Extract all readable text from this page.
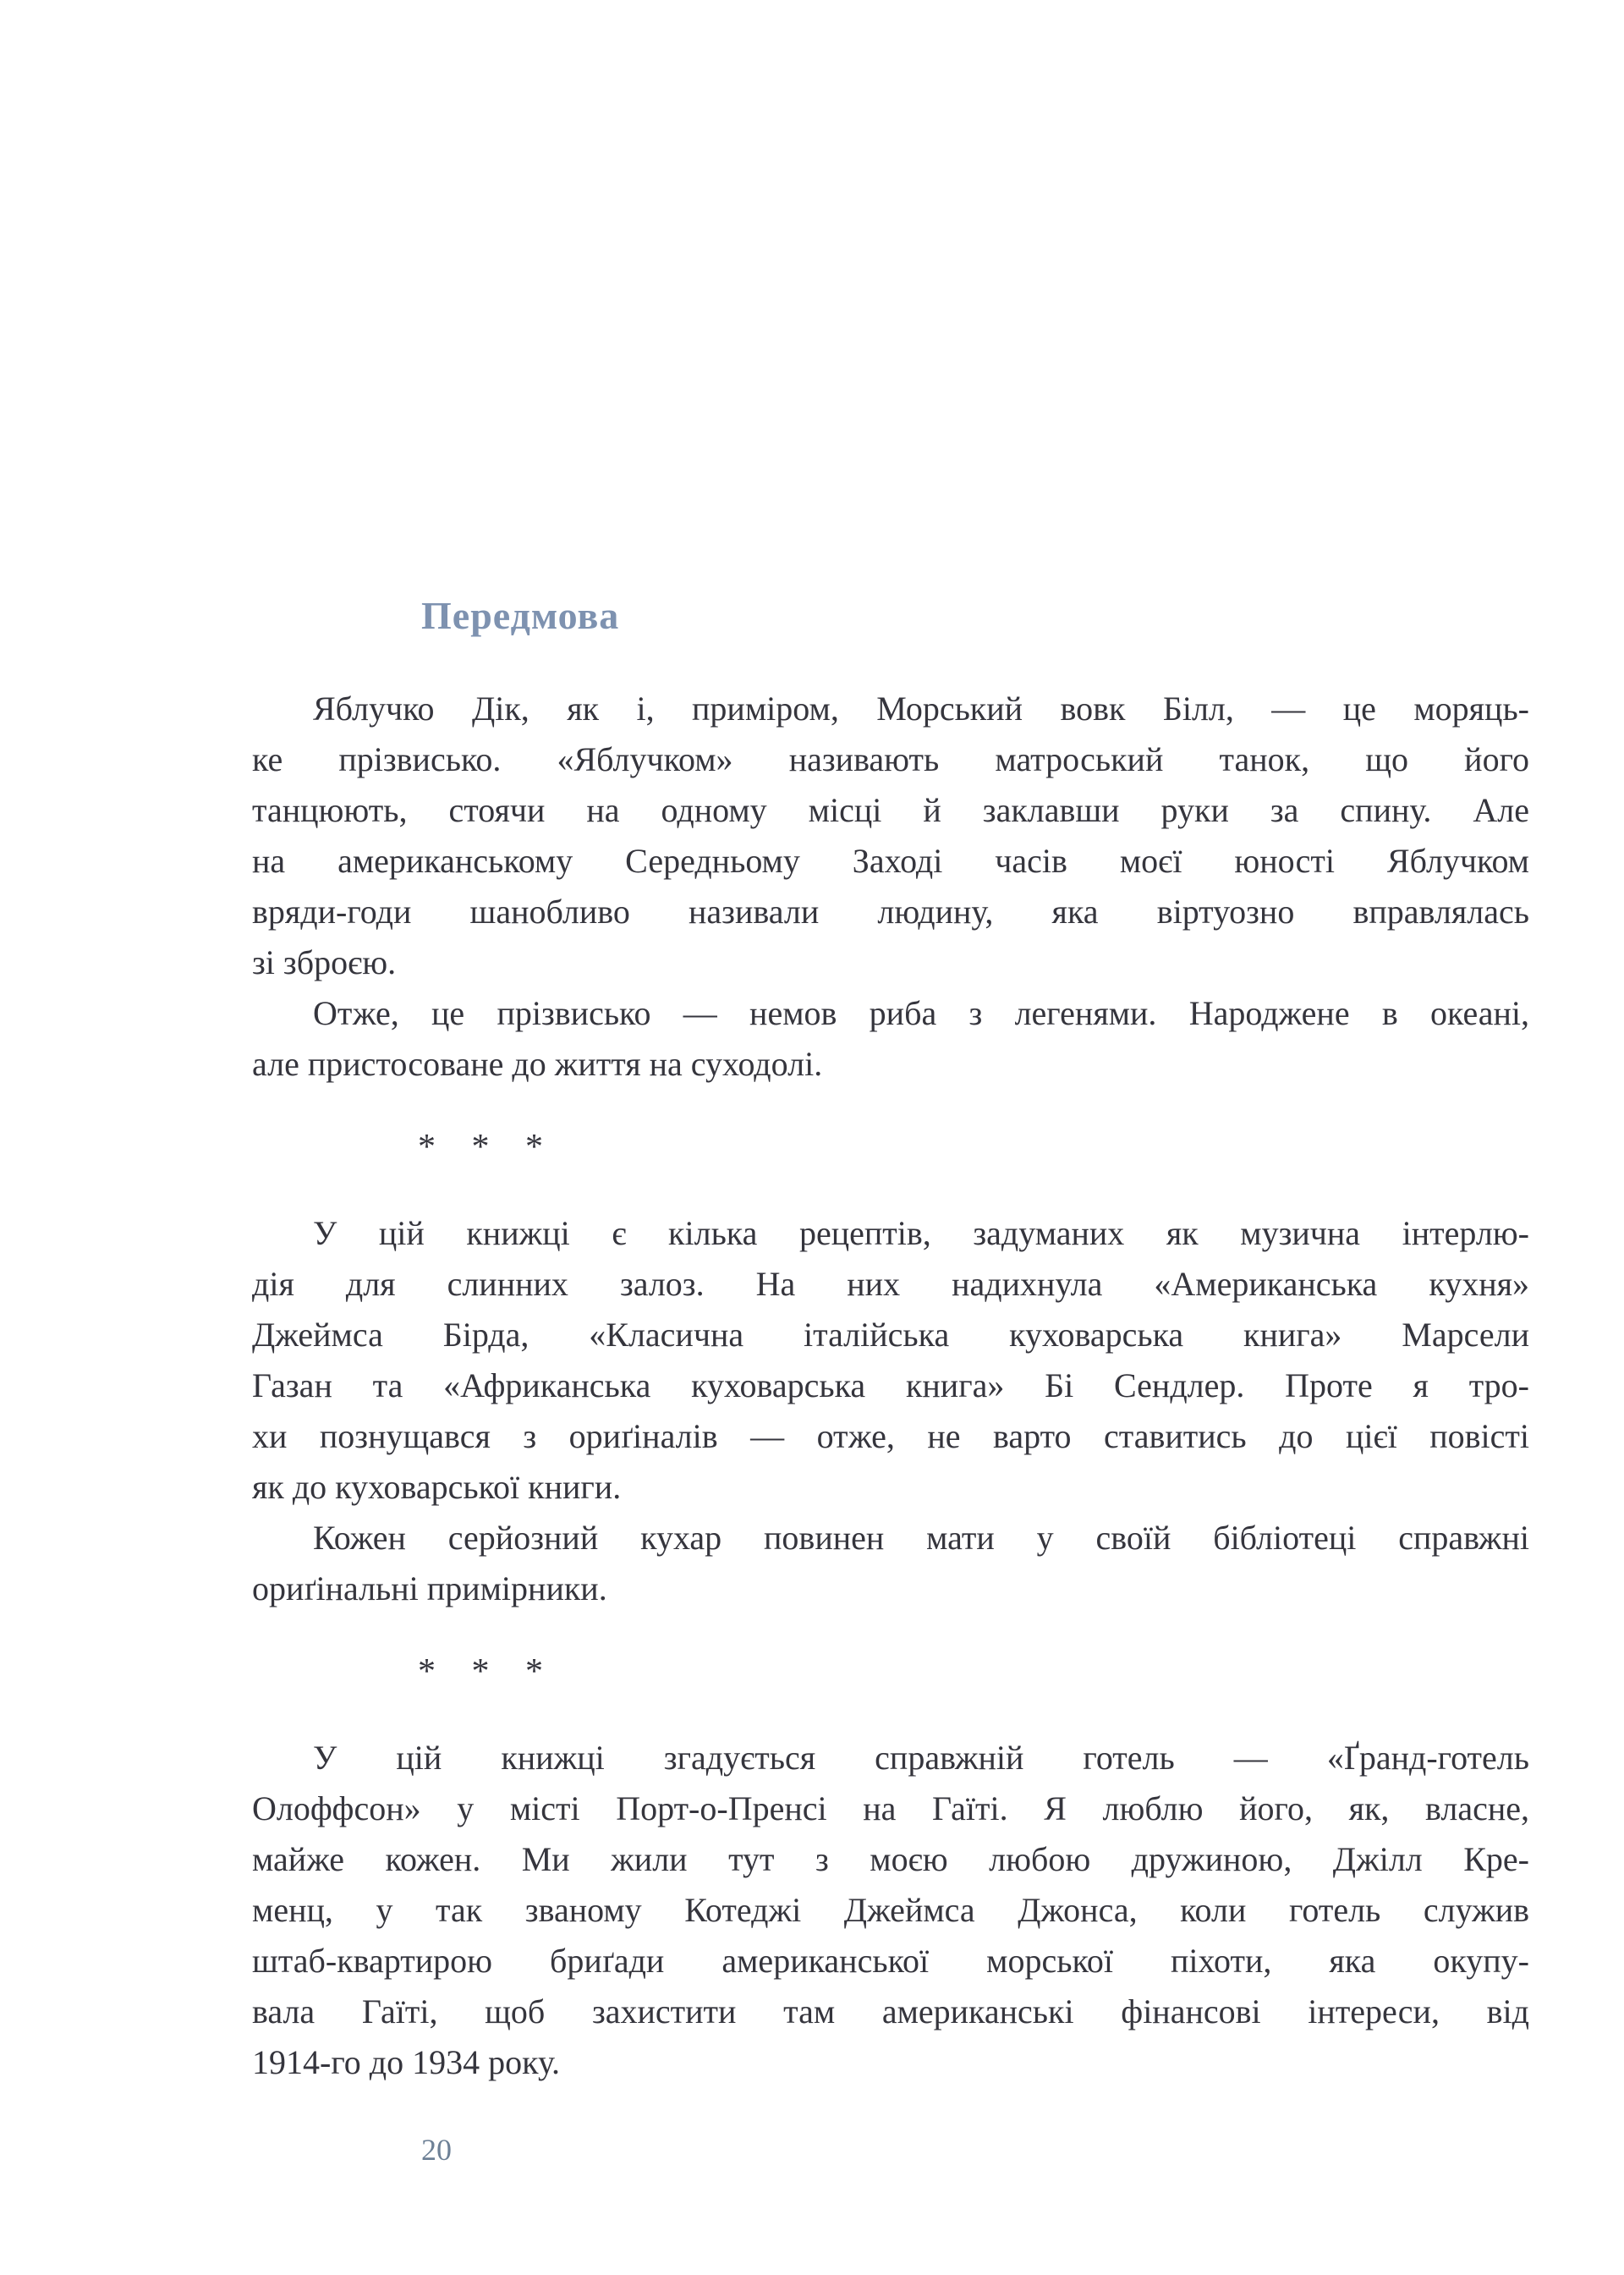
Передмова
Яблучко Дік, як і, приміром, Морський вовк Білл, — це моряць-
ке прізвисько. «Яблучком» називають матроський танок, що його
танцюють, стоячи на одному місці й заклавши руки за спину. Але
на американському Середньому Заході часів моєї юності Яблучком
вряди-годи шанобливо називали людину, яка віртуозно вправлялась
зі зброєю.
Отже, це прізвисько — немов риба з легенями. Народжене в океані,
але пристосоване до життя на суходолі.
* * *
У цій книжці є кілька рецептів, задуманих як музична інтерлю-
дія для слинних залоз. На них надихнула «Американська кухня»
Джеймса Бірда, «Класична італійська куховарська книга» Марсели
Газан та «Африканська куховарська книга» Бі Сендлер. Проте я тро-
хи познущався з ориґіналів — отже, не варто ставитись до цієї повісті
як до куховарської книги.
Кожен серйозний кухар повинен мати у своїй бібліотеці справжні
ориґінальні примірники.
* * *
У цій книжці згадується справжній готель — «Ґранд-готель
Олоффсон» у місті Порт-о-Пренсі на Гаїті. Я люблю його, як, власне,
майже кожен. Ми жили тут з моєю любою дружиною, Джілл Кре-
менц, у так званому Котеджі Джеймса Джонса, коли готель служив
штаб-квартирою бриґади американської морської піхоти, яка окупу-
вала Гаїті, щоб захистити там американські фінансові інтереси, від
1914-го до 1934 року.
20
